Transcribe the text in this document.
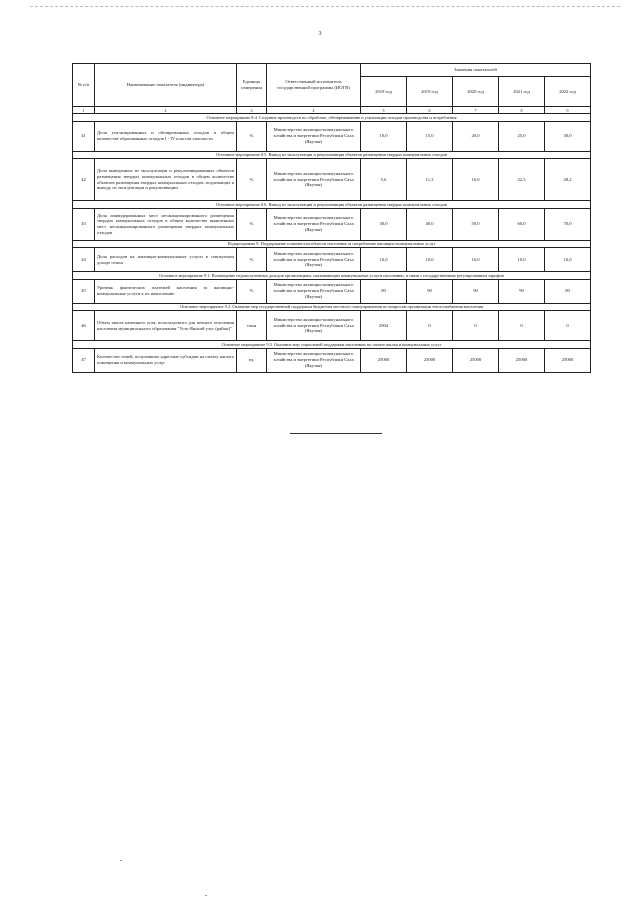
3
№ п/п	Наименование показателя (индикатора)	Единица измерения	Ответственный исполнитель государственной программы (ИОГВ)	Значения показателей				
				2018 год	2019 год	2020 год	2021 год	2022 год
1	2	3	4	5	6	7	8	9
Основное мероприятие 8.4. Создание производств по обработке, обезвреживанию и утилизации отходов производства и потребления								
41	Доля утилизированных и обезвреженных отходов в общем количестве образованных отходов I - IV классов опасности	%	Министерство жилищно-коммунального хозяйства и энергетики Республики Саха (Якутия)	10,0	15,0	20,0	25,0	30,0
Основное мероприятие 8.5. Вывод из эксплуатации и рекультивация объектов размещения твердых коммунальных отходов								
42	Доля выведенных из эксплуатации и рекультивированных объектов размещения твердых коммунальных отходов в общем количестве объектов размещения твердых коммунальных отходов, подлежащих к выводу из эксплуатации и рекультивации	%	Министерство жилищно-коммунального хозяйства и энергетики Республики Саха (Якутия)	5,6	11,3	16,9	22,5	28,2
Основное мероприятие 8.6. Вывод из эксплуатации и рекультивация объектов размещения твердых коммунальных отходов								
43	Доля ликвидированных мест несанкционированного размещения твердых коммунальных отходов в общем количестве выявленных мест несанкционированного размещения твердых коммунальных отходов	%	Министерство жилищно-коммунального хозяйства и энергетики Республики Саха (Якутия)	30,0	40,0	50,0	60,0	70,0
Подпрограмма 9. Поддержание платежеспособности населения за потребление жилищно-коммунальных услуг								
44	Доля расходов на жилищно-коммунальные услуги в совокупном доходе семьи	%	Министерство жилищно-коммунального хозяйства и энергетики Республики Саха (Якутия)	10,0	10,0	10,0	10,0	10,0
Основное мероприятие 9.1. Возмещение недополученных доходов организациям, оказывающим коммунальные услуги населению, в связи с государственным регулированием тарифов								
45	Уровень фактических платежей населения за жилищно-коммунальные услуги к их начислению	%	Министерство жилищно-коммунального хозяйства и энергетики Республики Саха (Якутия)	90	90	90	90	90
Основное мероприятие 9.2. Оказание мер государственной поддержки бюджетам местного самоуправления по вопросам организации теплоснабжения населения								
46	Объем завоза каменного угля, используемого для печного отопления населения муниципального образования "Усть-Янский улус (район)"	тонн	Министерство жилищно-коммунального хозяйства и энергетики Республики Саха (Якутия)	2904	0	0	0	0
Основное мероприятие 9.3. Оказание мер социальной поддержки населению по оплате жилья и коммунальных услуг								
47	Количество семей, получивших адресные субсидии на оплату жилого помещения и коммунальных услуг	ед.	Министерство жилищно-коммунального хозяйства и энергетики Республики Саха (Якутия)	25000	25000	25000	25000	25000
